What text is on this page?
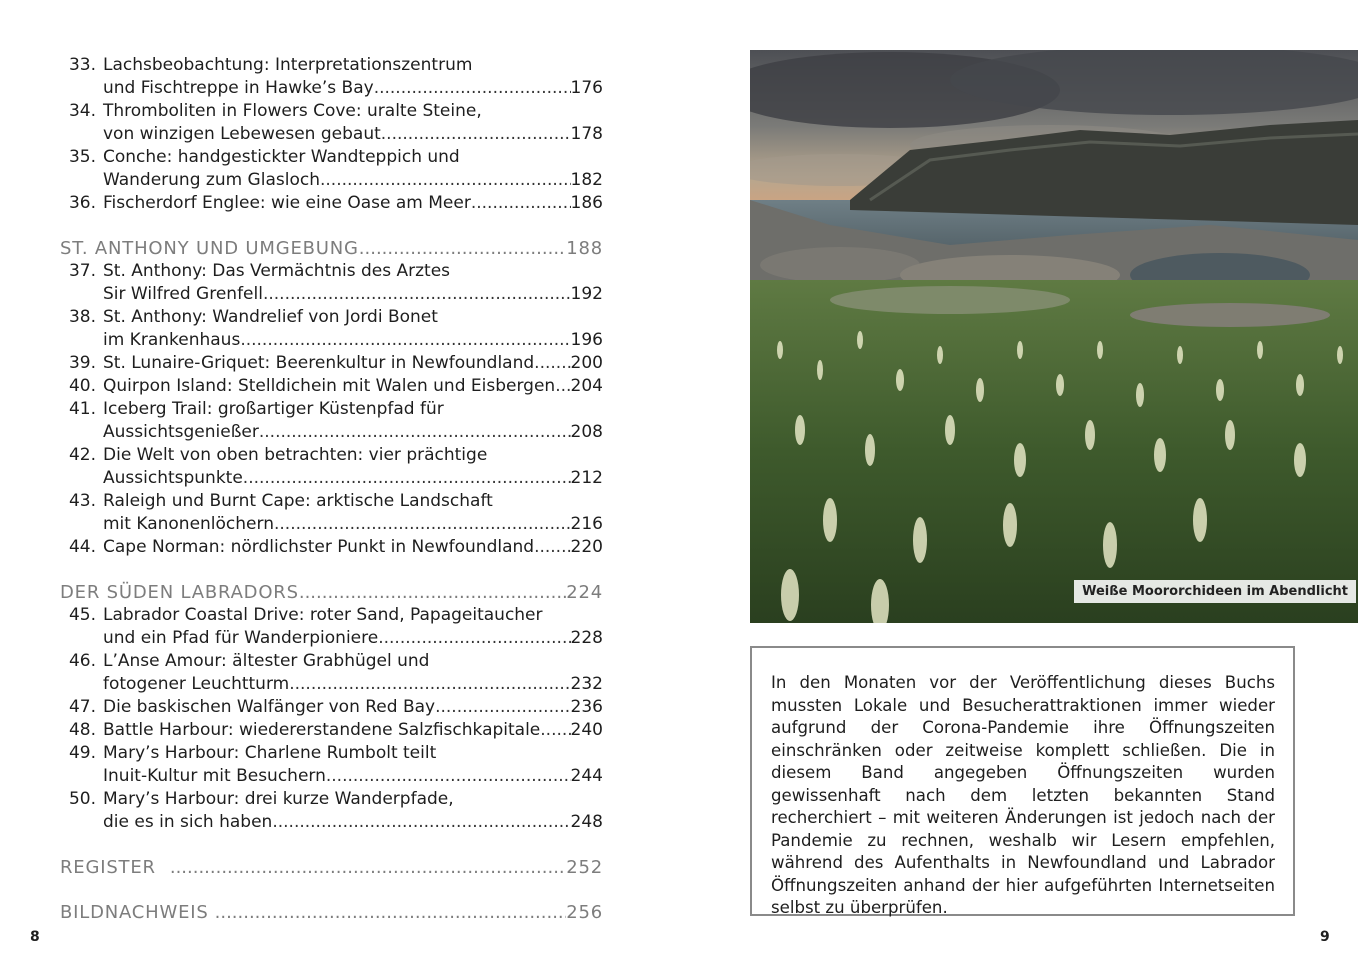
33. Lachsbeobachtung: Interpretationszentrum
und Fischtreppe in Hawke’s Bay .....	176
34. Thromboliten in Flowers Cove: uralte Steine,
von winzigen Lebewesen gebaut .....	178
35. Conche: handgestickter Wandteppich und
Wanderung zum Glasloch .....	182
36. Fischerdorf Englee: wie eine Oase am Meer .....	186
ST. ANTHONY UND UMGEBUNG .....	188
37. St. Anthony: Das Vermächtnis des Arztes
Sir Wilfred Grenfell .....	192
38. St. Anthony: Wandrelief von Jordi Bonet
im Krankenhaus .....	196
39. St. Lunaire-Griquet: Beerenkultur in Newfoundland ..... 200
40. Quirpon Island: Stelldichein mit Walen und Eisbergen ..... 204
41. Iceberg Trail: großartiger Küstenpfad für
Aussichtsgenießer .....	208
42. Die Welt von oben betrachten: vier prächtige
Aussichtspunkte .....	212
43. Raleigh und Burnt Cape: arktische Landschaft
mit Kanonenlöchern .....	216
44. Cape Norman: nördlichster Punkt in Newfoundland ..... 220
DER SÜDEN LABRADORS .....	224
45. Labrador Coastal Drive: roter Sand, Papageitaucher
und ein Pfad für Wanderpioniere .....	228
46. L’Anse Amour: ältester Grabhügel und
fotogener Leuchtturm .....	232
47. Die baskischen Walfänger von Red Bay .....	236
48. Battle Harbour: wiedererstandene Salzfischkapitale ..... 240
49. Mary’s Harbour: Charlene Rumbolt teilt
Inuit-Kultur mit Besuchern .....	244
50. Mary’s Harbour: drei kurze Wanderpfade,
die es in sich haben .....	248
REGISTER .....	252
BILDNACHWEIS .....	256
Weiße Moororchideen im Abendlicht
In den Monaten vor der Veröffentlichung dieses Buchs mussten Lokale und Besucherattraktionen immer wieder aufgrund der Corona-Pandemie ihre Öffnungszeiten einschränken oder zeitweise komplett schließen. Die in diesem Band angegeben Öffnungszeiten wurden gewissenhaft nach dem letzten bekannten Stand recherchiert – mit weiteren Änderungen ist jedoch nach der Pandemie zu rechnen, weshalb wir Lesern empfehlen, während des Aufenthalts in Newfoundland und Labrador Öffnungszeiten anhand der hier aufgeführten Internetseiten selbst zu überprüfen.
8	9
